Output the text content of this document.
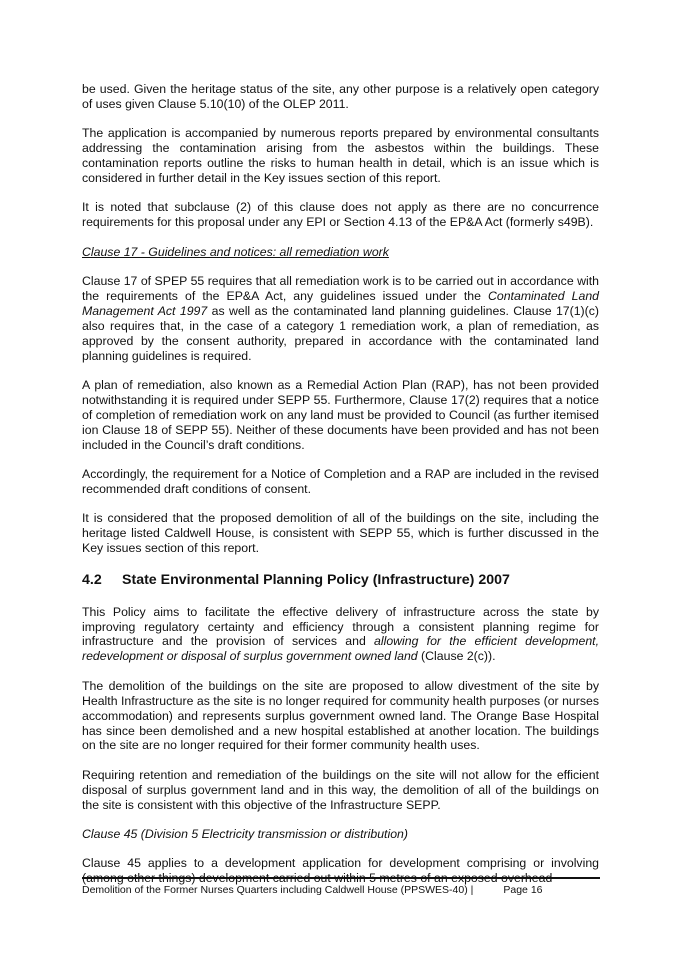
be used. Given the heritage status of the site, any other purpose is a relatively open category of uses given Clause 5.10(10) of the OLEP 2011.

The application is accompanied by numerous reports prepared by environmental consultants addressing the contamination arising from the asbestos within the buildings. These contamination reports outline the risks to human health in detail, which is an issue which is considered in further detail in the Key issues section of this report.

It is noted that subclause (2) of this clause does not apply as there are no concurrence requirements for this proposal under any EPI or Section 4.13 of the EP&A Act (formerly s49B).

Clause 17 - Guidelines and notices: all remediation work

Clause 17 of SPEP 55 requires that all remediation work is to be carried out in accordance with the requirements of the EP&A Act, any guidelines issued under the Contaminated Land Management Act 1997 as well as the contaminated land planning guidelines. Clause 17(1)(c) also requires that, in the case of a category 1 remediation work, a plan of remediation, as approved by the consent authority, prepared in accordance with the contaminated land planning guidelines is required.

A plan of remediation, also known as a Remedial Action Plan (RAP), has not been provided notwithstanding it is required under SEPP 55. Furthermore, Clause 17(2) requires that a notice of completion of remediation work on any land must be provided to Council (as further itemised ion Clause 18 of SEPP 55). Neither of these documents have been provided and has not been included in the Council’s draft conditions.

Accordingly, the requirement for a Notice of Completion and a RAP are included in the revised recommended draft conditions of consent.

It is considered that the proposed demolition of all of the buildings on the site, including the heritage listed Caldwell House, is consistent with SEPP 55, which is further discussed in the Key issues section of this report.

4.2 State Environmental Planning Policy (Infrastructure) 2007

This Policy aims to facilitate the effective delivery of infrastructure across the state by improving regulatory certainty and efficiency through a consistent planning regime for infrastructure and the provision of services and allowing for the efficient development, redevelopment or disposal of surplus government owned land (Clause 2(c)).

The demolition of the buildings on the site are proposed to allow divestment of the site by Health Infrastructure as the site is no longer required for community health purposes (or nurses accommodation) and represents surplus government owned land. The Orange Base Hospital has since been demolished and a new hospital established at another location. The buildings on the site are no longer required for their former community health uses.

Requiring retention and remediation of the buildings on the site will not allow for the efficient disposal of surplus government land and in this way, the demolition of all of the buildings on the site is consistent with this objective of the Infrastructure SEPP.

Clause 45 (Division 5 Electricity transmission or distribution)

Clause 45 applies to a development application for development comprising or involving (among other things) development carried out within 5 metres of an exposed overhead

Demolition of the Former Nurses Quarters including Caldwell House (PPSWES-40) |	Page 16
